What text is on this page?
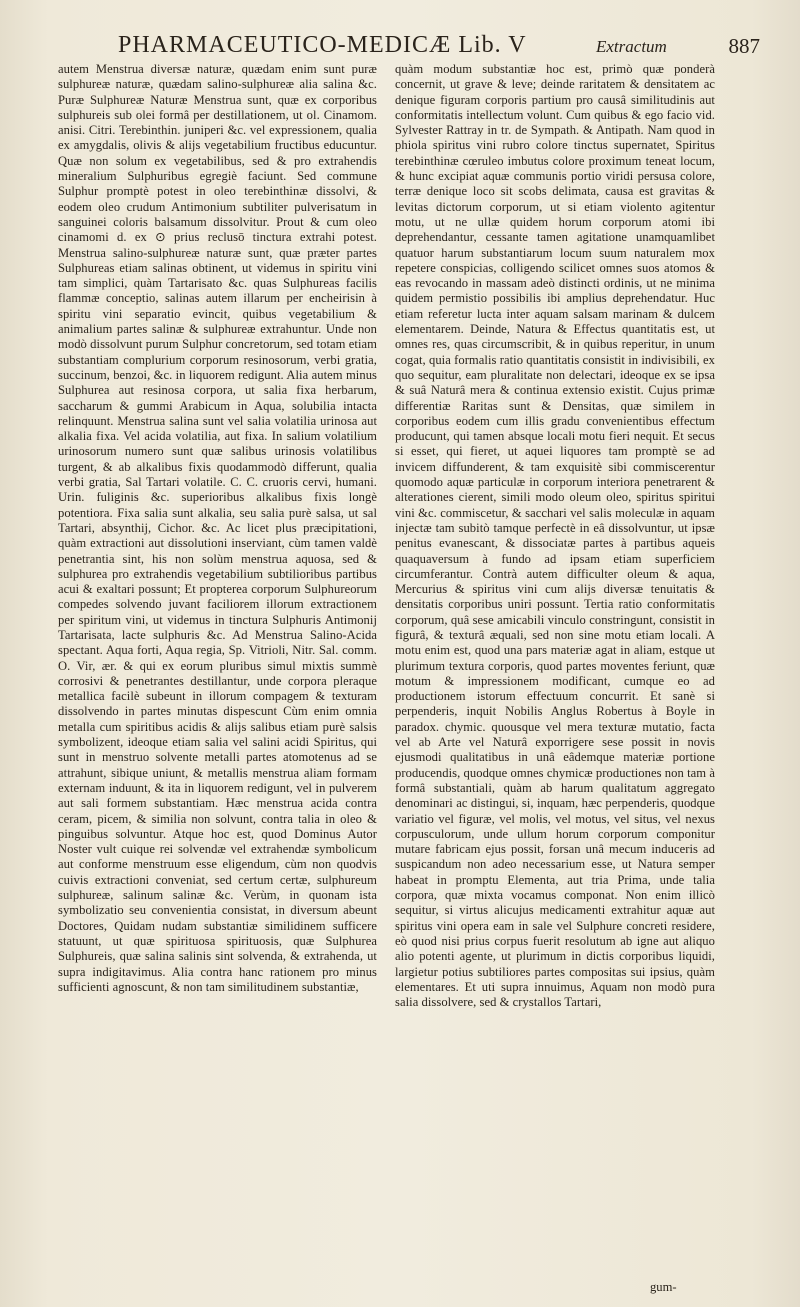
PHARMACEUTICO-MEDICÆ Lib. V	Extractum	887

autem Menstrua diversæ naturæ, quædam enim sunt puræ sulphureæ naturæ, quædam salino-sulphureæ alia salina &c. Puræ Sulphureæ Naturæ Menstrua sunt, quæ ex corporibus sulphureis sub olei formâ per destillationem, ut ol. Cinamom. anisi. Citri. Terebinthin. juniperi &c. vel expressionem, qualia ex amygdalis, olivis & alijs vegetabilium fructibus educuntur. Quæ non solum ex vegetabilibus, sed & pro extrahendis mineralium Sulphuribus egregiè faciunt. Sed commune Sulphur promptè potest in oleo terebinthinæ dissolvi, & eodem oleo crudum Antimonium subtiliter pulverisatum in sanguinei coloris balsamum dissolvitur. Prout & cum oleo cinamomi d. ex ⊙ prius reclusō tinctura extrahi potest. Menstrua salino-sulphureæ naturæ sunt, quæ præter partes Sulphureas etiam salinas obtinent, ut videmus in spiritu vini tam simplici, quàm Tartarisato &c. quas Sulphureas facilis flammæ conceptio, salinas autem illarum per encheirisin à spiritu vini separatio evincit, quibus vegetabilium & animalium partes salinæ & sulphureæ extrahuntur. Unde non modò dissolvunt purum Sulphur concretorum, sed totam etiam substantiam complurium corporum resinosorum, verbi gratia, succinum, benzoi, &c. in liquorem redigunt. Alia autem minus Sulphurea aut resinosa corpora, ut salia fixa herbarum, saccharum & gummi Arabicum in Aqua, solubilia intacta relinquunt. Menstrua salina sunt vel salia volatilia urinosa aut alkalia fixa. Vel acida volatilia, aut fixa. In salium volatilium urinosorum numero sunt quæ salibus urinosis volatilibus turgent, & ab alkalibus fixis quodammodò differunt, qualia verbi gratia, Sal Tartari volatile. C. C. cruoris cervi, humani. Urin. fuliginis &c. superioribus alkalibus fixis longè potentiora. Fixa salia sunt alkalia, seu salia purè salsa, ut sal Tartari, absynthij, Cichor. &c. Ac licet plus præcipitationi, quàm extractioni aut dissolutioni inserviant, cùm tamen valdè penetrantia sint, his non solùm menstrua aquosa, sed & sulphurea pro extrahendis vegetabilium subtilioribus partibus acui & exaltari possunt; Et propterea corporum Sulphureorum compedes solvendo juvant faciliorem illorum extractionem per spiritum vini, ut videmus in tinctura Sulphuris Antimonij Tartarisata, lacte sulphuris &c. Ad Menstrua Salino-Acida spectant. Aqua forti, Aqua regia, Sp. Vitrioli, Nitr. Sal. comm. O. Vir, ær. & qui ex eorum pluribus simul mixtis summè corrosivi & penetrantes destillantur, unde corpora pleraque metallica facilè subeunt in illorum compagem & texturam dissolvendo in partes minutas dispescunt Cùm enim omnia metalla cum spiritibus acidis & alijs salibus etiam purè salsis symbolizent, ideoque etiam salia vel salini acidi Spiritus, qui sunt in menstruo solvente metalli partes atomotenus ad se attrahunt, sibique uniunt, & metallis menstrua aliam formam externam induunt, & ita in liquorem redigunt, vel in pulverem aut sali formem substantiam. Hæc menstrua acida contra ceram, picem, & similia non solvunt, contra talia in oleo & pinguibus solvuntur. Atque hoc est, quod Dominus Autor Noster vult cuique rei solvendæ vel extrahendæ symbolicum aut conforme menstruum esse eligendum, cùm non quodvis cuivis extractioni conveniat, sed certum certæ, sulphureum sulphureæ, salinum salinæ &c. Verùm, in quonam ista symbolizatio seu convenientia consistat, in diversum abeunt Doctores, Quidam nudam substantiæ similidinem sufficere statuunt, ut quæ spirituosa spirituosis, quæ Sulphurea Sulphureis, quæ salina salinis sint solvenda, & extrahenda, ut supra indigitavimus. Alia contra hanc rationem pro minus sufficienti agnoscunt, & non tam similitudinem substantiæ,

quàm modum substantiæ hoc est, primò quæ ponderà concernit, ut grave & leve; deinde raritatem & densitatem ac denique figuram corporis partium pro causâ similitudinis aut conformitatis intellectum volunt. Cum quibus & ego facio vid. Sylvester Rattray in tr. de Sympath. & Antipath. Nam quod in phiola spiritus vini rubro colore tinctus supernatet, Spiritus terebinthinæ cœruleo imbutus colore proximum teneat locum, & hunc excipiat aquæ communis portio viridi persusa colore, terræ denique loco sit scobs delimata, causa est gravitas & levitas dictorum corporum, ut si etiam violento agitentur motu, ut ne ullæ quidem horum corporum atomi ibi deprehendantur, cessante tamen agitatione unamquamlibet quatuor harum substantiarum locum suum naturalem mox repetere conspicias, colligendo scilicet omnes suos atomos & eas revocando in massam adeò distincti ordinis, ut ne minima quidem permistio possibilis ibi amplius deprehendatur. Huc etiam referetur lucta inter aquam salsam marinam & dulcem elementarem. Deinde, Natura & Effectus quantitatis est, ut omnes res, quas circumscribit, & in quibus reperitur, in unum cogat, quia formalis ratio quantitatis consistit in indivisibili, ex quo sequitur, eam pluralitate non delectari, ideoque ex se ipsa & suâ Naturâ mera & continua extensio existit. Cujus primæ differentiæ Raritas sunt & Densitas, quæ similem in corporibus eodem cum illis gradu convenientibus effectum producunt, qui tamen absque locali motu fieri nequit. Et secus si esset, qui fieret, ut aquei liquores tam promptè se ad invicem diffunderent, & tam exquisitè sibi commiscerentur quomodo aquæ particulæ in corporum interiora penetrarent & alterationes cierent, simili modo oleum oleo, spiritus spiritui vini &c. commiscetur, & sacchari vel salis moleculæ in aquam injectæ tam subitò tamque perfectè in eâ dissolvuntur, ut ipsæ penitus evanescant, & dissociatæ partes à partibus aqueis quaquaversum à fundo ad ipsam etiam superficiem circumferantur. Contrà autem difficulter oleum & aqua, Mercurius & spiritus vini cum alijs diversæ tenuitatis & densitatis corporibus uniri possunt. Tertia ratio conformitatis corporum, quâ sese amicabili vinculo constringunt, consistit in figurâ, & texturâ æquali, sed non sine motu etiam locali. A motu enim est, quod una pars materiæ agat in aliam, estque ut plurimum textura corporis, quod partes moventes feriunt, quæ motum & impressionem modificant, cumque eo ad productionem istorum effectuum concurrit. Et sanè si perpenderis, inquit Nobilis Anglus Robertus à Boyle in paradox. chymic. quousque vel mera texturæ mutatio, facta vel ab Arte vel Naturâ exporrigere sese possit in novis ejusmodi qualitatibus in unâ eâdemque materiæ portione producendis, quodque omnes chymicæ productiones non tam à formâ substantiali, quàm ab harum qualitatum aggregato denominari ac distingui, si, inquam, hæc perpenderis, quodque variatio vel figuræ, vel molis, vel motus, vel situs, vel nexus corpusculorum, unde ullum horum corporum componitur mutare fabricam ejus possit, forsan unâ mecum induceris ad suspicandum non adeo necessarium esse, ut Natura semper habeat in promptu Elementa, aut tria Prima, unde talia corpora, quæ mixta vocamus componat. Non enim illicò sequitur, si virtus alicujus medicamenti extrahitur aquæ aut spiritus vini opera eam in sale vel Sulphure concreti residere, eò quod nisi prius corpus fuerit resolutum ab igne aut aliquo alio potenti agente, ut plurimum in dictis corporibus liquidi, largietur potius subtiliores partes compositas sui ipsius, quàm elementares. Et uti supra innuimus, Aquam non modò pura salia dissolvere, sed & crystallos Tartari,

gum-
